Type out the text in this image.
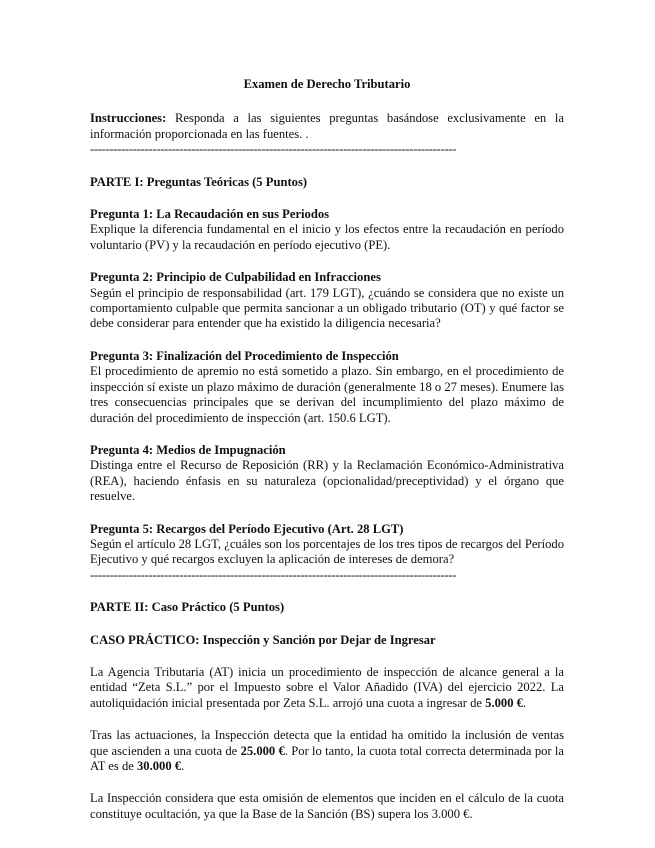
Examen de Derecho Tributario

Instrucciones: Responda a las siguientes preguntas basándose exclusivamente en la información proporcionada en las fuentes. .

----------------------------------------------------------------------------------------------
PARTE I: Preguntas Teóricas (5 Puntos)
Pregunta 1: La Recaudación en sus Periodos

Explique la diferencia fundamental en el inicio y los efectos entre la recaudación en período voluntario (PV) y la recaudación en período ejecutivo (PE).

Pregunta 2: Principio de Culpabilidad en Infracciones

Según el principio de responsabilidad (art. 179 LGT), ¿cuándo se considera que no existe un comportamiento culpable que permita sancionar a un obligado tributario (OT) y qué factor se debe considerar para entender que ha existido la diligencia necesaria?

Pregunta 3: Finalización del Procedimiento de Inspección

El procedimiento de apremio no está sometido a plazo. Sin embargo, en el procedimiento de inspección sí existe un plazo máximo de duración (generalmente 18 o 27 meses). Enumere las tres consecuencias principales que se derivan del incumplimiento del plazo máximo de duración del procedimiento de inspección (art. 150.6 LGT).

Pregunta 4: Medios de Impugnación

Distinga entre el Recurso de Reposición (RR) y la Reclamación Económico-Administrativa (REA), haciendo énfasis en su naturaleza (opcionalidad/preceptividad) y el órgano que resuelve.

Pregunta 5: Recargos del Período Ejecutivo (Art. 28 LGT)

Según el artículo 28 LGT, ¿cuáles son los porcentajes de los tres tipos de recargos del Período Ejecutivo y qué recargos excluyen la aplicación de intereses de demora?

----------------------------------------------------------------------------------------------
PARTE II: Caso Práctico (5 Puntos)
CASO PRÁCTICO: Inspección y Sanción por Dejar de Ingresar

La Agencia Tributaria (AT) inicia un procedimiento de inspección de alcance general a la entidad “Zeta S.L.” por el Impuesto sobre el Valor Añadido (IVA) del ejercicio 2022. La autoliquidación inicial presentada por Zeta S.L. arrojó una cuota a ingresar de 5.000 €.

Tras las actuaciones, la Inspección detecta que la entidad ha omitido la inclusión de ventas que ascienden a una cuota de 25.000 €. Por lo tanto, la cuota total correcta determinada por la AT es de 30.000 €.

La Inspección considera que esta omisión de elementos que inciden en el cálculo de la cuota constituye ocultación, ya que la Base de la Sanción (BS) supera los 3.000 €.
